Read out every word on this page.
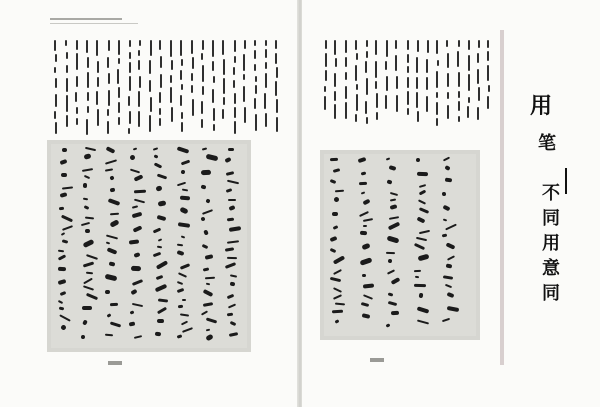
用
笔
不
同
用
意
同
